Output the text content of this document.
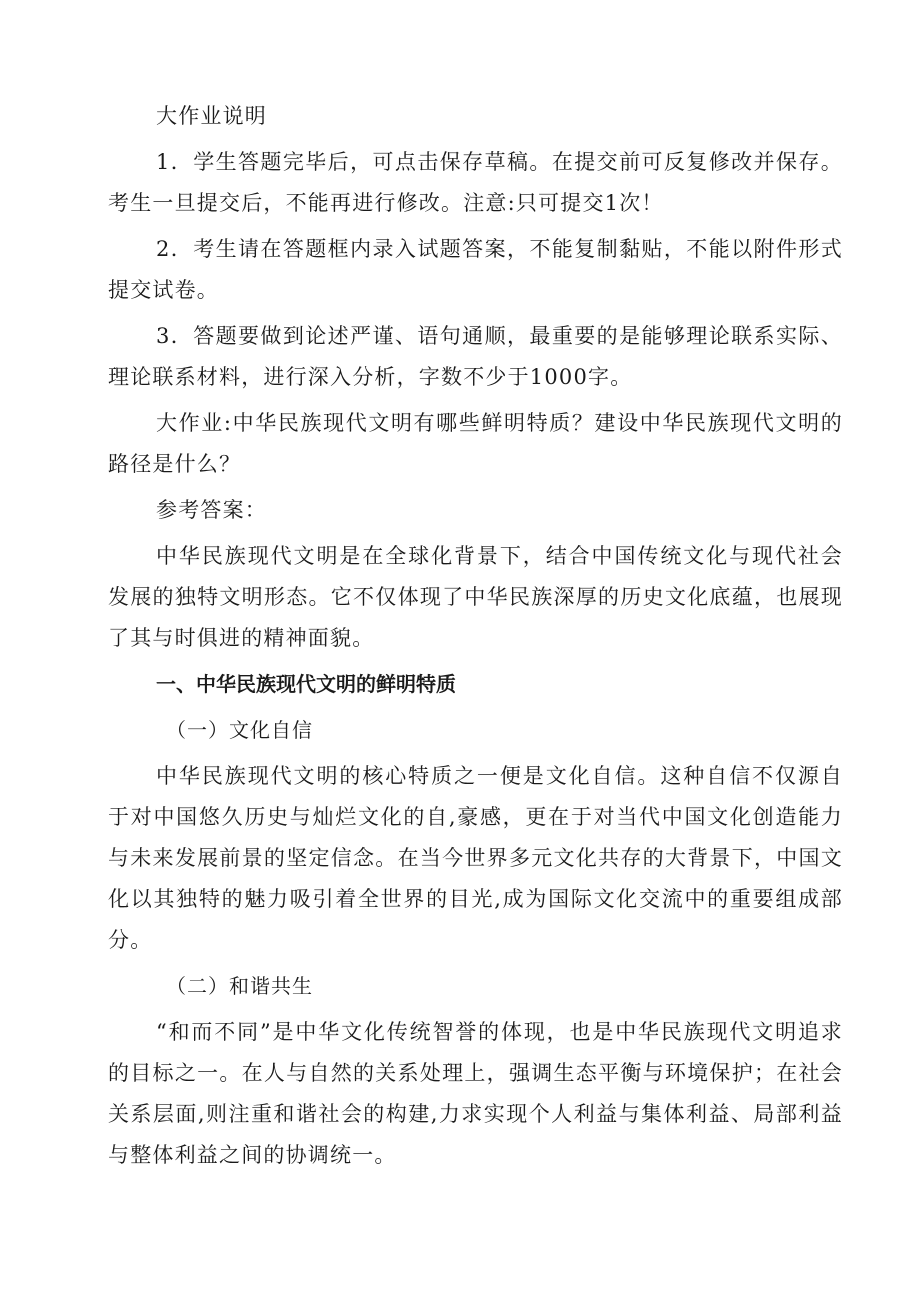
大作业说明

1．学生答题完毕后，可点击保存草稿。在提交前可反复修改并保存。考生一旦提交后，不能再进行修改。注意:只可提交1次！

2．考生请在答题框内录入试题答案，不能复制黏贴，不能以附件形式提交试卷。

3．答题要做到论述严谨、语句通顺，最重要的是能够理论联系实际、理论联系材料，进行深入分析，字数不少于1000字。

大作业:中华民族现代文明有哪些鲜明特质？建设中华民族现代文明的路径是什么？

参考答案：

中华民族现代文明是在全球化背景下，结合中国传统文化与现代社会发展的独特文明形态。它不仅体现了中华民族深厚的历史文化底蕴，也展现了其与时俱进的精神面貌。

一、中华民族现代文明的鲜明特质

（一）文化自信

中华民族现代文明的核心特质之一便是文化自信。这种自信不仅源自于对中国悠久历史与灿烂文化的自,豪感，更在于对当代中国文化创造能力与未来发展前景的坚定信念。在当今世界多元文化共存的大背景下，中国文化以其独特的魅力吸引着全世界的目光,成为国际文化交流中的重要组成部分。

（二）和谐共生

“和而不同”是中华文化传统智誉的体现，也是中华民族现代文明追求的目标之一。在人与自然的关系处理上，强调生态平衡与环境保护；在社会关系层面,则注重和谐社会的构建,力求实现个人利益与集体利益、局部利益与整体利益之间的协调统一。
